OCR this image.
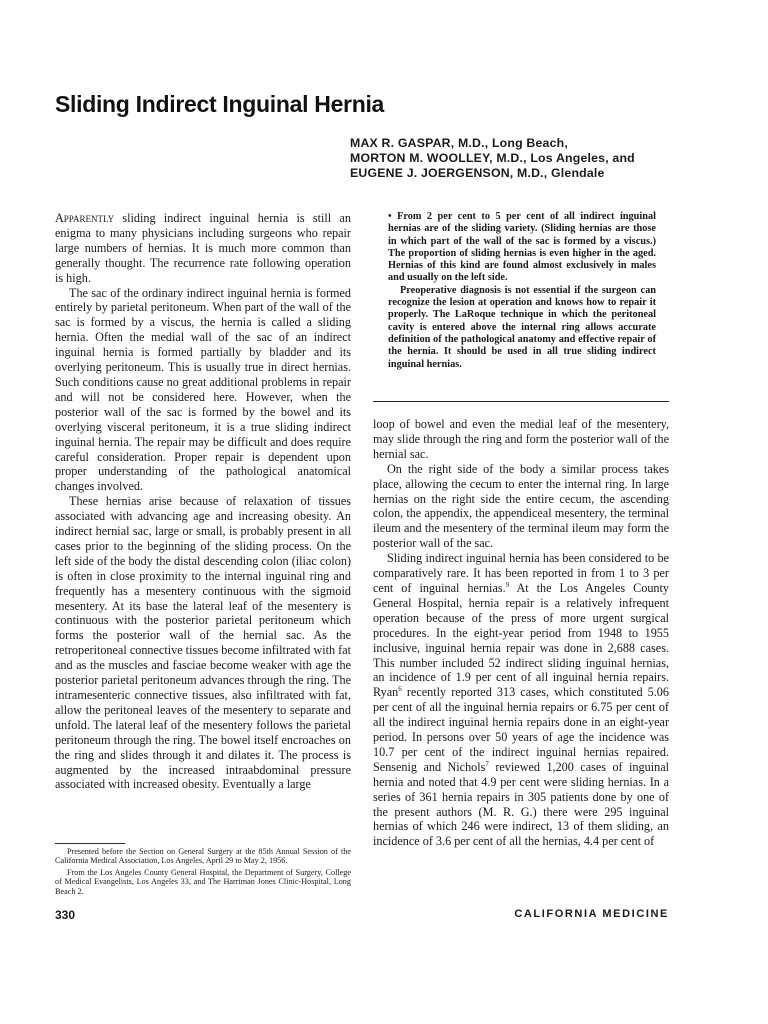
Sliding Indirect Inguinal Hernia
MAX R. GASPAR, M.D., Long Beach,
MORTON M. WOOLLEY, M.D., Los Angeles, and
EUGENE J. JOERGENSON, M.D., Glendale

Apparently sliding indirect inguinal hernia is still an enigma to many physicians including surgeons who repair large numbers of hernias. It is much more common than generally thought. The recurrence rate following operation is high.

The sac of the ordinary indirect inguinal hernia is formed entirely by parietal peritoneum. When part of the wall of the sac is formed by a viscus, the hernia is called a sliding hernia. Often the medial wall of the sac of an indirect inguinal hernia is formed partially by bladder and its overlying peritoneum. This is usually true in direct hernias. Such conditions cause no great additional problems in repair and will not be considered here. However, when the posterior wall of the sac is formed by the bowel and its overlying visceral peritoneum, it is a true sliding indirect inguinal hernia. The repair may be difficult and does require careful consideration. Proper repair is dependent upon proper understanding of the pathological anatomical changes involved.

These hernias arise because of relaxation of tissues associated with advancing age and increasing obesity. An indirect hernial sac, large or small, is probably present in all cases prior to the beginning of the sliding process. On the left side of the body the distal descending colon (iliac colon) is often in close proximity to the internal inguinal ring and frequently has a mesentery continuous with the sigmoid mesentery. At its base the lateral leaf of the mesentery is continuous with the posterior parietal peritoneum which forms the posterior wall of the hernial sac. As the retroperitoneal connective tissues become infiltrated with fat and as the muscles and fasciae become weaker with age the posterior parietal peritoneum advances through the ring. The intramesenteric connective tissues, also infiltrated with fat, allow the peritoneal leaves of the mesentery to separate and unfold. The lateral leaf of the mesentery follows the parietal peritoneum through the ring. The bowel itself encroaches on the ring and slides through it and dilates it. The process is augmented by the increased intraabdominal pressure associated with increased obesity. Eventually a large

• From 2 per cent to 5 per cent of all indirect inguinal hernias are of the sliding variety. (Sliding hernias are those in which part of the wall of the sac is formed by a viscus.) The proportion of sliding hernias is even higher in the aged. Hernias of this kind are found almost exclusively in males and usually on the left side.

Preoperative diagnosis is not essential if the surgeon can recognize the lesion at operation and knows how to repair it properly. The LaRoque technique in which the peritoneal cavity is entered above the internal ring allows accurate definition of the pathological anatomy and effective repair of the hernia. It should be used in all true sliding indirect inguinal hernias.

loop of bowel and even the medial leaf of the mesentery, may slide through the ring and form the posterior wall of the hernial sac.

On the right side of the body a similar process takes place, allowing the cecum to enter the internal ring. In large hernias on the right side the entire cecum, the ascending colon, the appendix, the appendiceal mesentery, the terminal ileum and the mesentery of the terminal ileum may form the posterior wall of the sac.

Sliding indirect inguinal hernia has been considered to be comparatively rare. It has been reported in from 1 to 3 per cent of inguinal hernias.$^9$ At the Los Angeles County General Hospital, hernia repair is a relatively infrequent operation because of the press of more urgent surgical procedures. In the eight-year period from 1948 to 1955 inclusive, inguinal hernia repair was done in 2,688 cases. This number included 52 indirect sliding inguinal hernias, an incidence of 1.9 per cent of all inguinal hernia repairs. Ryan$^6$ recently reported 313 cases, which constituted 5.06 per cent of all the inguinal hernia repairs or 6.75 per cent of all the indirect inguinal hernia repairs done in an eight-year period. In persons over 50 years of age the incidence was 10.7 per cent of the indirect inguinal hernias repaired. Sensenig and Nichols$^7$ reviewed 1,200 cases of inguinal hernia and noted that 4.9 per cent were sliding hernias. In a series of 361 hernia repairs in 305 patients done by one of the present authors (M. R. G.) there were 295 inguinal hernias of which 246 were indirect, 13 of them sliding, an incidence of 3.6 per cent of all the hernias, 4.4 per cent of

Presented before the Section on General Surgery at the 85th Annual Session of the California Medical Association, Los Angeles, April 29 to May 2, 1956.

From the Los Angeles County General Hospital, the Department of Surgery, College of Medical Evangelists, Los Angeles 33, and The Harriman Jones Clinic-Hospital, Long Beach 2.

330	CALIFORNIA MEDICINE
